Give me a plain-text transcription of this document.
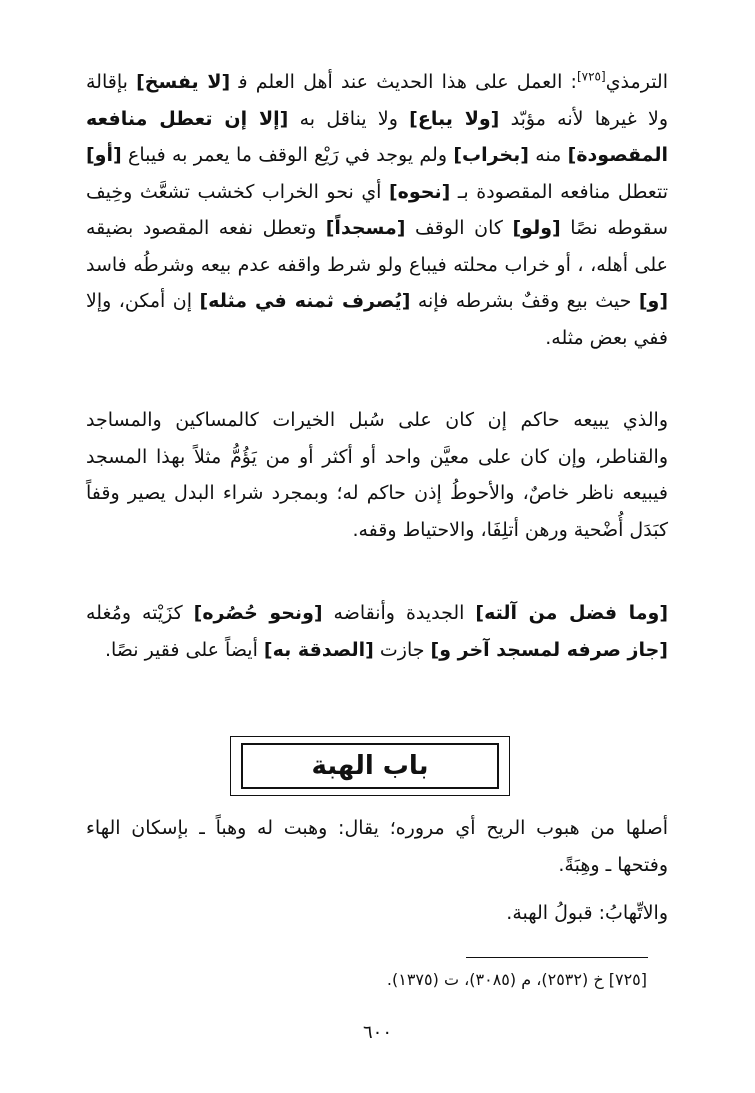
الترمذي[٧٢٥]: العمل على هذا الحديث عند أهل العلم ﻓ [لا يفسخ] بإقالة ولا غيرها لأنه مؤبّد [ولا يباع] ولا يناقل به [إلا إن تعطل منافعه المقصودة] منه [بخراب] ولم يوجد في رَيْع الوقف ما يعمر به فيباع [أو] تتعطل منافعه المقصودة بـ [نحوه] أي نحو الخراب كخشب تشعَّث وخِيف سقوطه نصًا [ولو] كان الوقف [مسجداً] وتعطل نفعه المقصود بضيقه على أهله، ، أو خراب محلته فيباع ولو شرط واقفه عدم بيعه وشرطُه فاسد [و] حيث بيع وقفٌ بشرطه فإنه [يُصرف ثمنه في مثله] إن أمكن، وإلا ففي بعض مثله.

والذي يبيعه حاكم إن كان على سُبل الخيرات كالمساكين والمساجد والقناطر، وإن كان على معيَّن واحد أو أكثر أو من يَؤُمُّ مثلاً بهذا المسجد فيبيعه ناظر خاصٌ، والأحوطُ إذن حاكم له؛ وبمجرد شراء البدل يصير وقفاً كبَدَل أُضْحية ورهن أتلِفَا، والاحتياط وقفه.

[وما فضل من آلته] الجديدة وأنقاضه [ونحو حُصُره] كزَيْته ومُغله [جاز صرفه لمسجد آخر و] جازت [الصدقة به] أيضاً على فقير نصًا.

باب الهبة

أصلها من هبوب الريح أي مروره؛ يقال: وهبت له وهباً ـ بإسكان الهاء وفتحها ـ وهِبَةً.

والاتِّهابُ: قبولُ الهبة.

[٧٢٥] خ (٢٥٣٢)، م (٣٠٨٥)، ت (١٣٧٥).
٦٠٠
